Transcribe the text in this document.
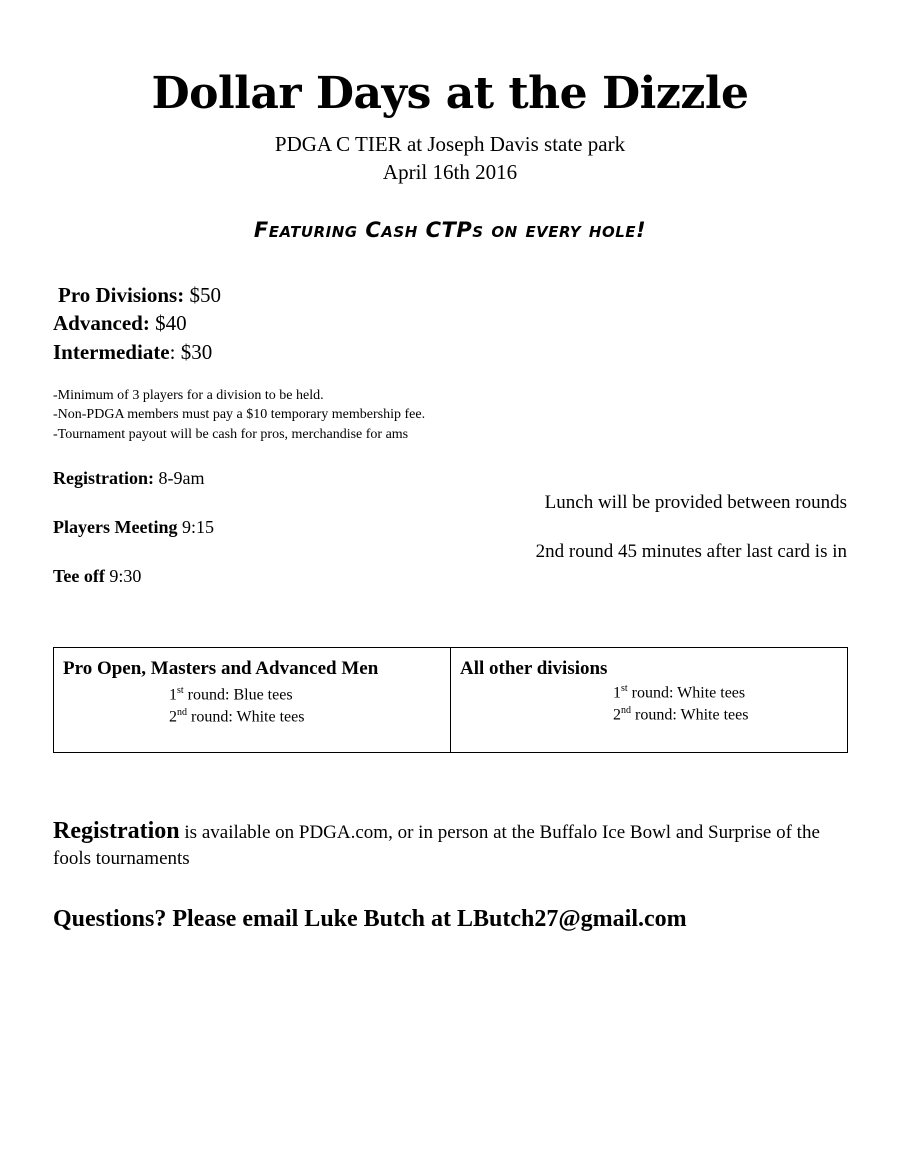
Dollar Days at the Dizzle
PDGA C TIER at Joseph Davis state park
April 16th 2016
Featuring Cash CTPs on every hole!
Pro Divisions: $50
Advanced: $40
Intermediate: $30
-Minimum of 3 players for a division to be held.
-Non-PDGA members must pay a $10 temporary membership fee.
-Tournament payout will be cash for pros, merchandise for ams
Registration: 8-9am
Players Meeting 9:15
Tee off 9:30
Lunch will be provided between rounds
2nd round 45 minutes after last card is in
Pro Open, Masters and Advanced Men
1st round: Blue tees
2nd round: White tees
All other divisions
1st round: White tees
2nd round: White tees
Registration is available on PDGA.com, or in person at the Buffalo Ice Bowl and Surprise of the fools tournaments
Questions? Please email Luke Butch at LButch27@gmail.com
